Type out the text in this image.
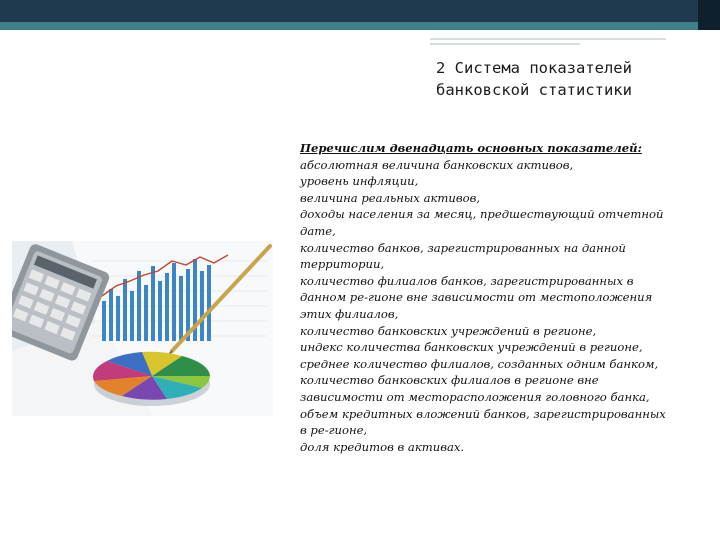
2 Система показателей
банковской статистики
Перечислим двенадцать основных показателей:
абсолютная величина банковских активов,
уровень инфляции,
величина реальных активов,
доходы населения за месяц, предшествующий отчетной
дате,
количество банков, зарегистрированных на данной
территории,
количество филиалов банков, зарегистрированных в
данном ре-гионе вне зависимости от местоположения
этих филиалов,
количество банковских учреждений в регионе,
индекс количества банковских учреждений в регионе,
среднее количество филиалов, созданных одним банком,
количество банковских филиалов в регионе вне
зависимости от месторасположения головного банка,
объем кредитных вложений банков, зарегистрированных
в ре-гионе,
доля кредитов в активах.
